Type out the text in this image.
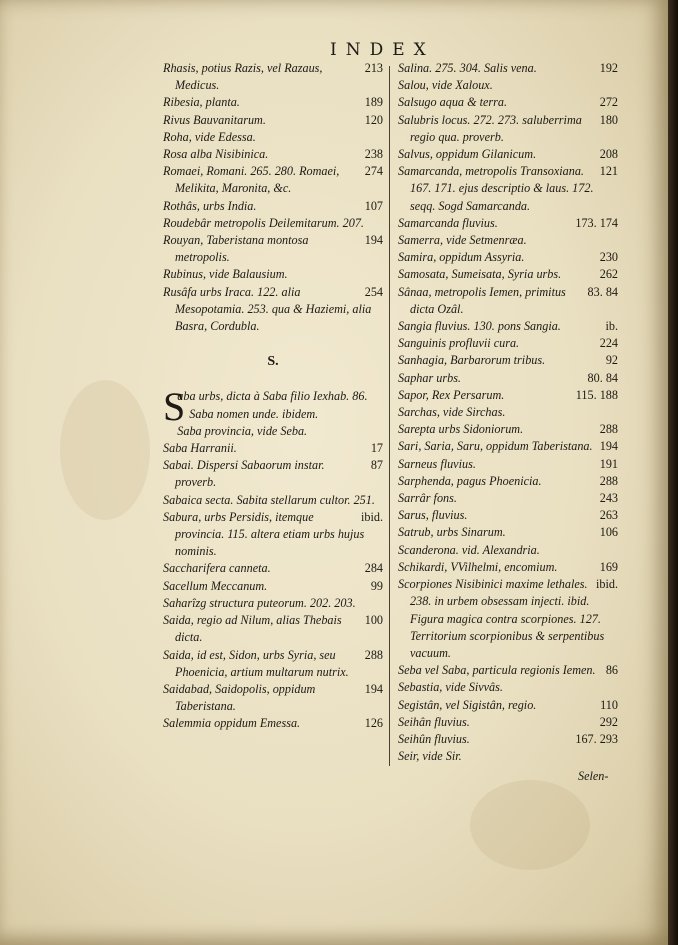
INDEX
213
Rhasis, potius Razis, vel Razaus, Medicus.
189
Ribesia, planta.
120
Rivus Bauvanitarum.
Roha, vide Edessa.
238
Rosa alba Nisibinica.
274
Romaei, Romani. 265. 280. Romaei, Melikita, Maronita, &c.
107
Rothâs, urbs India.
Roudebâr metropolis Deilemitarum. 207.
194
Rouyan, Taberistana montosa metropolis.
Rubinus, vide Balausium.
254
Rusâfa urbs Iraca. 122. alia Mesopotamia. 253. qua & Haziemi, alia Basra, Cordubla.
S.
S
aba urbs, dicta à Saba filio Iexhab. 86. Saba nomen unde. ibidem.
Saba provincia, vide Seba.
17
Saba Harranii.
87
Sabai. Dispersi Sabaorum instar. proverb.
Sabaica secta. Sabita stellarum cultor. 251.
ibid.
Sabura, urbs Persidis, itemque provincia. 115. altera etiam urbs hujus nominis.
284
Saccharifera canneta.
99
Sacellum Meccanum.
Saharîzg structura puteorum. 202. 203.
100
Saida, regio ad Nilum, alias Thebais dicta.
288
Saida, id est, Sidon, urbs Syria, seu Phoenicia, artium multarum nutrix.
194
Saidabad, Saidopolis, oppidum Taberistana.
126
Salemmia oppidum Emessa.
192
Salina. 275. 304. Salis vena.
Salou, vide Xaloux.
272
Salsugo aqua & terra.
180
Salubris locus. 272. 273. saluberrima regio qua. proverb.
208
Salvus, oppidum Gilanicum.
121
Samarcanda, metropolis Transoxiana. 167. 171. ejus descriptio & laus. 172. seqq. Sogd Samarcanda.
173. 174
Samarcanda fluvius.
Samerra, vide Setmenræa.
230
Samira, oppidum Assyria.
262
Samosata, Sumeisata, Syria urbs.
83. 84
Sânaa, metropolis Iemen, primitus dicta Ozâl.
ib.
Sangia fluvius. 130. pons Sangia.
224
Sanguinis profluvii cura.
92
Sanhagia, Barbarorum tribus.
80. 84
Saphar urbs.
115. 188
Sapor, Rex Persarum.
Sarchas, vide Sirchas.
288
Sarepta urbs Sidoniorum.
194
Sari, Saria, Saru, oppidum Taberistana.
191
Sarneus fluvius.
288
Sarphenda, pagus Phoenicia.
243
Sarrâr fons.
263
Sarus, fluvius.
106
Satrub, urbs Sinarum.
Scanderona. vid. Alexandria.
169
Schikardi, VVilhelmi, encomium.
ibid.
Scorpiones Nisibinici maxime lethales. 238. in urbem obsessam injecti. ibid. Figura magica contra scorpiones. 127. Territorium scorpionibus & serpentibus vacuum.
86
Seba vel Saba, particula regionis Iemen.
Sebastia, vide Sivvâs.
110
Segistân, vel Sigistân, regio.
292
Seihân fluvius.
167. 293
Seihûn fluvius.
Seir, vide Sir.
Selen-
